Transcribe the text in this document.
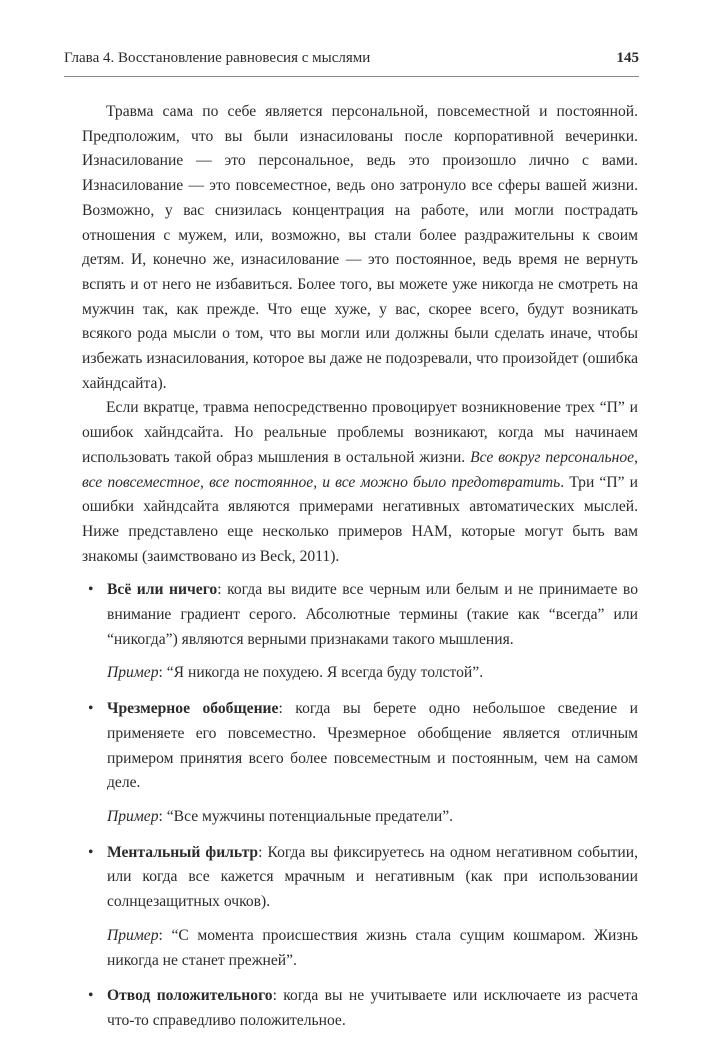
Глава 4. Восстановление равновесия с мыслями	145

Травма сама по себе является персональной, повсеместной и постоянной. Предположим, что вы были изнасилованы после корпоративной вечеринки. Изнасилование — это персональное, ведь это произошло лично с вами. Изнасилование — это повсеместное, ведь оно затронуло все сферы вашей жизни. Возможно, у вас снизилась концентрация на работе, или могли пострадать отношения с мужем, или, возможно, вы стали более раздражительны к своим детям. И, конечно же, изнасилование — это постоянное, ведь время не вернуть вспять и от него не избавиться. Более того, вы можете уже никогда не смотреть на мужчин так, как прежде. Что еще хуже, у вас, скорее всего, будут возникать всякого рода мысли о том, что вы могли или должны были сделать иначе, чтобы избежать изнасилования, которое вы даже не подозревали, что произойдет (ошибка хайндсайта).

Если вкратце, травма непосредственно провоцирует возникновение трех “П” и ошибок хайндсайта. Но реальные проблемы возникают, когда мы начинаем использовать такой образ мышления в остальной жизни. Все вокруг персональное, все повсеместное, все постоянное, и все можно было предотвратить. Три “П” и ошибки хайндсайта являются примерами негативных автоматических мыслей. Ниже представлено еще несколько примеров НАМ, которые могут быть вам знакомы (заимствовано из Beck, 2011).

• Всё или ничего: когда вы видите все черным или белым и не принимаете во внимание градиент серого. Абсолютные термины (такие как “всегда” или “никогда”) являются верными признаками такого мышления.
Пример: “Я никогда не похудею. Я всегда буду толстой”.
• Чрезмерное обобщение: когда вы берете одно небольшое сведение и применяете его повсеместно. Чрезмерное обобщение является отличным примером принятия всего более повсеместным и постоянным, чем на самом деле.
Пример: “Все мужчины потенциальные предатели”.
• Ментальный фильтр: Когда вы фиксируетесь на одном негативном событии, или когда все кажется мрачным и негативным (как при использовании солнцезащитных очков).
Пример: “С момента происшествия жизнь стала сущим кошмаром. Жизнь никогда не станет прежней”.
• Отвод положительного: когда вы не учитываете или исключаете из расчета что-то справедливо положительное.
